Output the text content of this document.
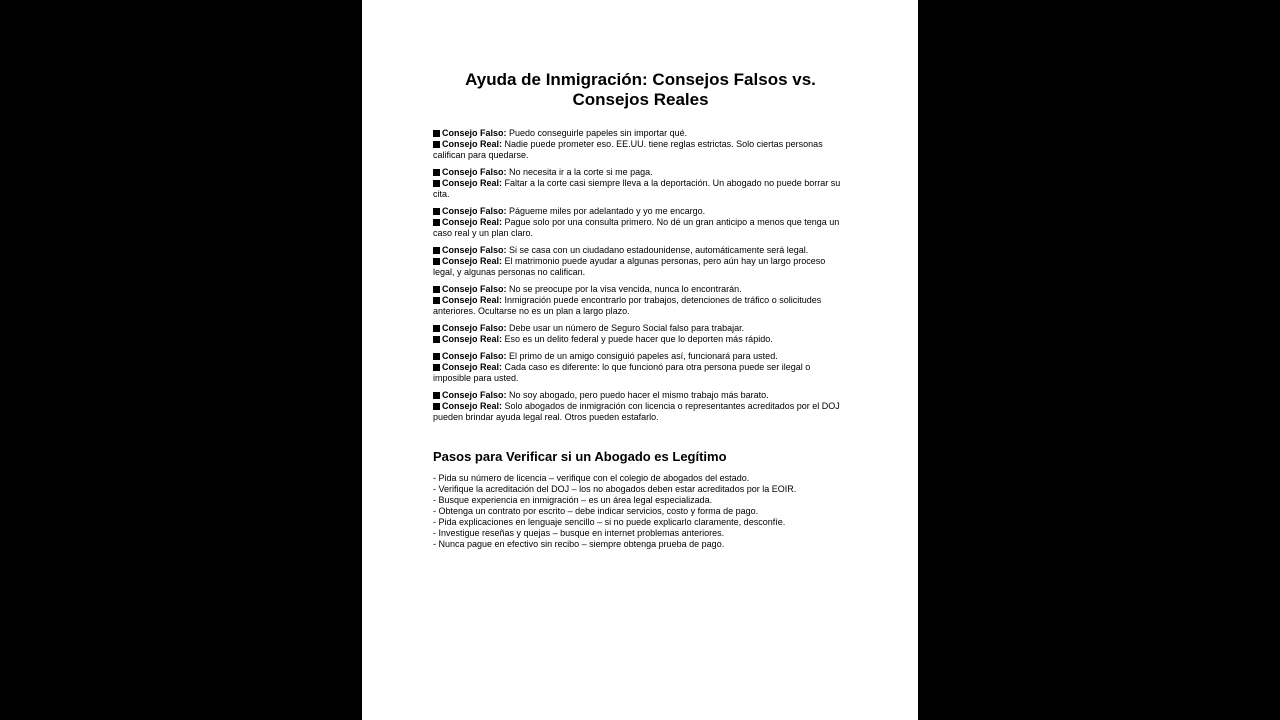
Ayuda de Inmigración: Consejos Falsos vs. Consejos Reales
Consejo Falso: Puedo conseguirle papeles sin importar qué.
Consejo Real: Nadie puede prometer eso. EE.UU. tiene reglas estrictas. Solo ciertas personas califican para quedarse.
Consejo Falso: No necesita ir a la corte si me paga.
Consejo Real: Faltar a la corte casi siempre lleva a la deportación. Un abogado no puede borrar su cita.
Consejo Falso: Págueme miles por adelantado y yo me encargo.
Consejo Real: Pague solo por una consulta primero. No dé un gran anticipo a menos que tenga un caso real y un plan claro.
Consejo Falso: Si se casa con un ciudadano estadounidense, automáticamente será legal.
Consejo Real: El matrimonio puede ayudar a algunas personas, pero aún hay un largo proceso legal, y algunas personas no califican.
Consejo Falso: No se preocupe por la visa vencida, nunca lo encontrarán.
Consejo Real: Inmigración puede encontrarlo por trabajos, detenciones de tráfico o solicitudes anteriores. Ocultarse no es un plan a largo plazo.
Consejo Falso: Debe usar un número de Seguro Social falso para trabajar.
Consejo Real: Eso es un delito federal y puede hacer que lo deporten más rápido.
Consejo Falso: El primo de un amigo consiguió papeles así, funcionará para usted.
Consejo Real: Cada caso es diferente: lo que funcionó para otra persona puede ser ilegal o imposible para usted.
Consejo Falso: No soy abogado, pero puedo hacer el mismo trabajo más barato.
Consejo Real: Solo abogados de inmigración con licencia o representantes acreditados por el DOJ pueden brindar ayuda legal real. Otros pueden estafarlo.
Pasos para Verificar si un Abogado es Legítimo
- Pida su número de licencia – verifique con el colegio de abogados del estado.
- Verifique la acreditación del DOJ – los no abogados deben estar acreditados por la EOIR.
- Busque experiencia en inmigración – es un área legal especializada.
- Obtenga un contrato por escrito – debe indicar servicios, costo y forma de pago.
- Pida explicaciones en lenguaje sencillo – si no puede explicarlo claramente, desconfíe.
- Investigue reseñas y quejas – busque en internet problemas anteriores.
- Nunca pague en efectivo sin recibo – siempre obtenga prueba de pago.
